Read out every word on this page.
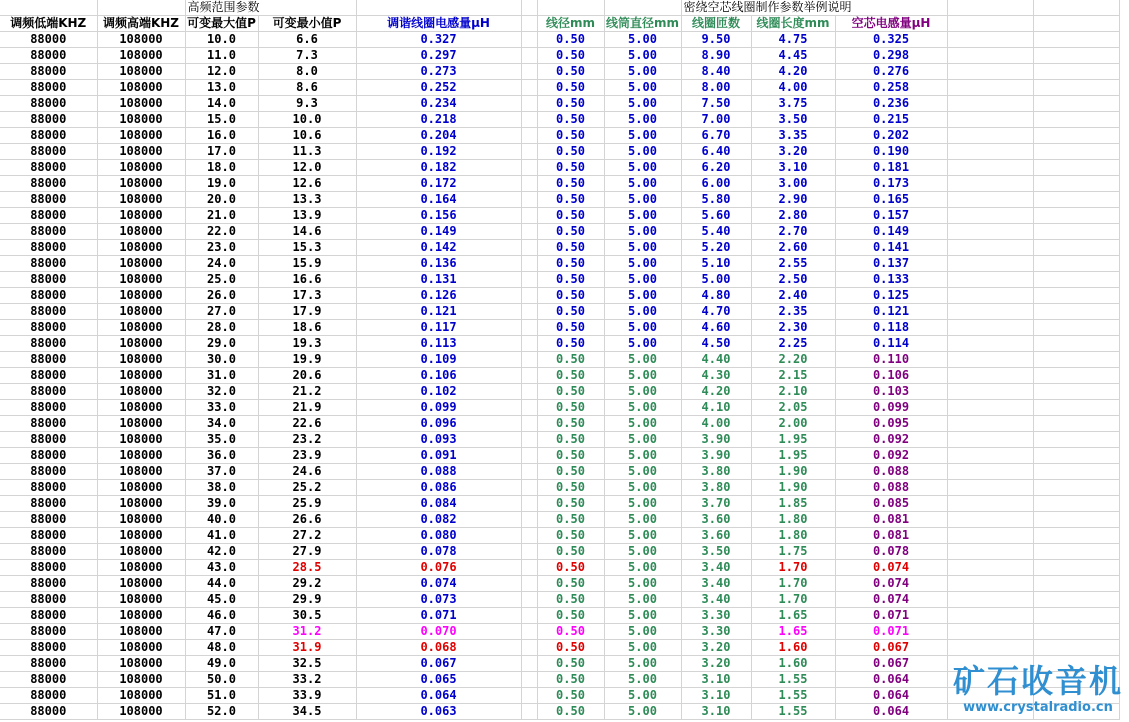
		高频范围参数						密绕空芯线圈制作参数举例说明				
调频低端KHZ	调频高端KHZ	可变最大值P	可变最小值P	调谐线圈电感量μH		线径mm	线筒直径mm	线圈匝数	线圈长度mm	空芯电感量μH		
88000	108000	10.0	6.6	0.327		0.50	5.00	9.50	4.75	0.325		
88000	108000	11.0	7.3	0.297		0.50	5.00	8.90	4.45	0.298		
88000	108000	12.0	8.0	0.273		0.50	5.00	8.40	4.20	0.276		
88000	108000	13.0	8.6	0.252		0.50	5.00	8.00	4.00	0.258		
88000	108000	14.0	9.3	0.234		0.50	5.00	7.50	3.75	0.236		
88000	108000	15.0	10.0	0.218		0.50	5.00	7.00	3.50	0.215		
88000	108000	16.0	10.6	0.204		0.50	5.00	6.70	3.35	0.202		
88000	108000	17.0	11.3	0.192		0.50	5.00	6.40	3.20	0.190		
88000	108000	18.0	12.0	0.182		0.50	5.00	6.20	3.10	0.181		
88000	108000	19.0	12.6	0.172		0.50	5.00	6.00	3.00	0.173		
88000	108000	20.0	13.3	0.164		0.50	5.00	5.80	2.90	0.165		
88000	108000	21.0	13.9	0.156		0.50	5.00	5.60	2.80	0.157		
88000	108000	22.0	14.6	0.149		0.50	5.00	5.40	2.70	0.149		
88000	108000	23.0	15.3	0.142		0.50	5.00	5.20	2.60	0.141		
88000	108000	24.0	15.9	0.136		0.50	5.00	5.10	2.55	0.137		
88000	108000	25.0	16.6	0.131		0.50	5.00	5.00	2.50	0.133		
88000	108000	26.0	17.3	0.126		0.50	5.00	4.80	2.40	0.125		
88000	108000	27.0	17.9	0.121		0.50	5.00	4.70	2.35	0.121		
88000	108000	28.0	18.6	0.117		0.50	5.00	4.60	2.30	0.118		
88000	108000	29.0	19.3	0.113		0.50	5.00	4.50	2.25	0.114		
88000	108000	30.0	19.9	0.109		0.50	5.00	4.40	2.20	0.110		
88000	108000	31.0	20.6	0.106		0.50	5.00	4.30	2.15	0.106		
88000	108000	32.0	21.2	0.102		0.50	5.00	4.20	2.10	0.103		
88000	108000	33.0	21.9	0.099		0.50	5.00	4.10	2.05	0.099		
88000	108000	34.0	22.6	0.096		0.50	5.00	4.00	2.00	0.095		
88000	108000	35.0	23.2	0.093		0.50	5.00	3.90	1.95	0.092		
88000	108000	36.0	23.9	0.091		0.50	5.00	3.90	1.95	0.092		
88000	108000	37.0	24.6	0.088		0.50	5.00	3.80	1.90	0.088		
88000	108000	38.0	25.2	0.086		0.50	5.00	3.80	1.90	0.088		
88000	108000	39.0	25.9	0.084		0.50	5.00	3.70	1.85	0.085		
88000	108000	40.0	26.6	0.082		0.50	5.00	3.60	1.80	0.081		
88000	108000	41.0	27.2	0.080		0.50	5.00	3.60	1.80	0.081		
88000	108000	42.0	27.9	0.078		0.50	5.00	3.50	1.75	0.078		
88000	108000	43.0	28.5	0.076		0.50	5.00	3.40	1.70	0.074		
88000	108000	44.0	29.2	0.074		0.50	5.00	3.40	1.70	0.074		
88000	108000	45.0	29.9	0.073		0.50	5.00	3.40	1.70	0.074		
88000	108000	46.0	30.5	0.071		0.50	5.00	3.30	1.65	0.071		
88000	108000	47.0	31.2	0.070		0.50	5.00	3.30	1.65	0.071		
88000	108000	48.0	31.9	0.068		0.50	5.00	3.20	1.60	0.067		
88000	108000	49.0	32.5	0.067		0.50	5.00	3.20	1.60	0.067		
88000	108000	50.0	33.2	0.065		0.50	5.00	3.10	1.55	0.064		
88000	108000	51.0	33.9	0.064		0.50	5.00	3.10	1.55	0.064		
88000	108000	52.0	34.5	0.063		0.50	5.00	3.10	1.55	0.064		
矿石收音机
www.crystalradio.cn
